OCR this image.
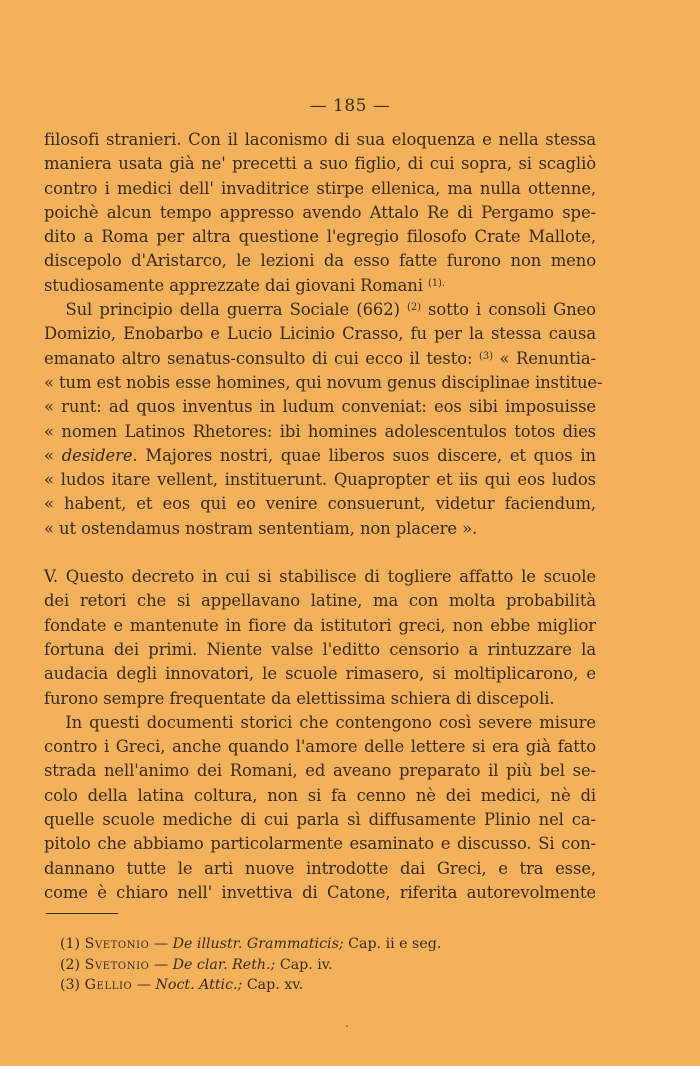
— 185 —
filosofi stranieri. Con il laconismo di sua eloquenza e nella stessa
maniera usata già ne' precetti a suo figlio, di cui sopra, si scagliò
contro i medici dell' invaditrice stirpe ellenica, ma nulla ottenne,
poichè alcun tempo appresso avendo Attalo Re di Pergamo spe-
dito a Roma per altra questione l'egregio filosofo Crate Mallote,
discepolo d'Aristarco, le lezioni da esso fatte furono non meno
studiosamente apprezzate dai giovani Romani $^{(1).}$
Sul principio della guerra Sociale (662) $^{(2)}$ sotto i consoli Gneo
Domizio, Enobarbo e Lucio Licinio Crasso, fu per la stessa causa
emanato altro senatus-consulto di cui ecco il testo: $^{(3)}$ « Renuntia-
« tum est nobis esse homines, qui novum genus disciplinae institue-
« runt: ad quos inventus in ludum conveniat: eos sibi imposuisse
« nomen Latinos Rhetores: ibi homines adolescentulos totos dies
« desidere. Majores nostri, quae liberos suos discere, et quos in
« ludos itare vellent, instituerunt. Quapropter et iis qui eos ludos
« habent, et eos qui eo venire consuerunt, videtur faciendum,
« ut ostendamus nostram sententiam, non placere ».
V. Questo decreto in cui si stabilisce di togliere affatto le scuole
dei retori che si appellavano latine, ma con molta probabilità
fondate e mantenute in fiore da istitutori greci, non ebbe miglior
fortuna dei primi. Niente valse l'editto censorio a rintuzzare la
audacia degli innovatori, le scuole rimasero, si moltiplicarono, e
furono sempre frequentate da elettissima schiera di discepoli.
In questi documenti storici che contengono così severe misure
contro i Greci, anche quando l'amore delle lettere si era già fatto
strada nell'animo dei Romani, ed aveano preparato il più bel se-
colo della latina coltura, non si fa cenno nè dei medici, nè di
quelle scuole mediche di cui parla sì diffusamente Plinio nel ca-
pitolo che abbiamo particolarmente esaminato e discusso. Si con-
dannano tutte le arti nuove introdotte dai Greci, e tra esse,
come è chiaro nell' invettiva di Catone, riferita autorevolmente
(1) Svetonio — De illustr. Grammaticis; Cap. ii e seg.
(2) Svetonio — De clar. Reth.; Cap. iv.
(3) Gellio — Noct. Attic.; Cap. xv.
